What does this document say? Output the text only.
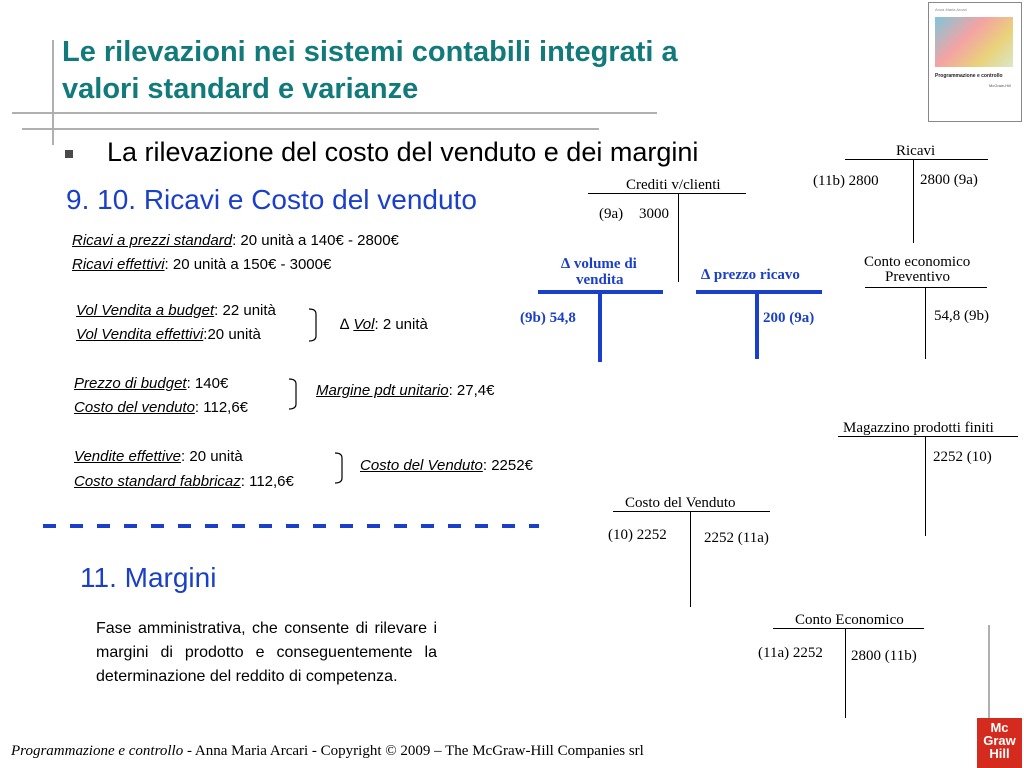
Le rilevazioni nei sistemi contabili integrati a
valori standard e varianze
Anna Maria Arcari
Programmazione e controllo
McGraw-Hill
La rilevazione del costo del venduto e dei margini
9. 10. Ricavi e Costo del venduto
Ricavi a prezzi standard: 20 unità a 140€ - 2800€
Ricavi effettivi: 20 unità a 150€ - 3000€
Vol Vendita a budget: 22 unità
Vol Vendita effettivi:20 unità
∆ Vol: 2 unità
Prezzo di budget: 140€
Costo del venduto: 112,6€
Margine pdt unitario: 27,4€
Vendite effettive: 20 unità
Costo standard fabbricaz: 112,6€
Costo del Venduto: 2252€
11. Margini
Fase amministrativa, che consente di rilevare i margini di prodotto e conseguentemente la determinazione del reddito di competenza.
Ricavi
(11b) 2800	2800 (9a)
Crediti v/clienti
(9a) 3000
∆ volume di
vendita
(9b) 54,8
∆ prezzo ricavo
200 (9a)
Conto economico
Preventivo
54,8 (9b)
Magazzino prodotti finiti
2252 (10)
Costo del Venduto
(10) 2252 2252 (11a)
Conto Economico
(11a) 2252 2800 (11b)
Programmazione e controllo - Anna Maria Arcari - Copyright © 2009 – The McGraw-Hill Companies srl
Mc
Graw
Hill
